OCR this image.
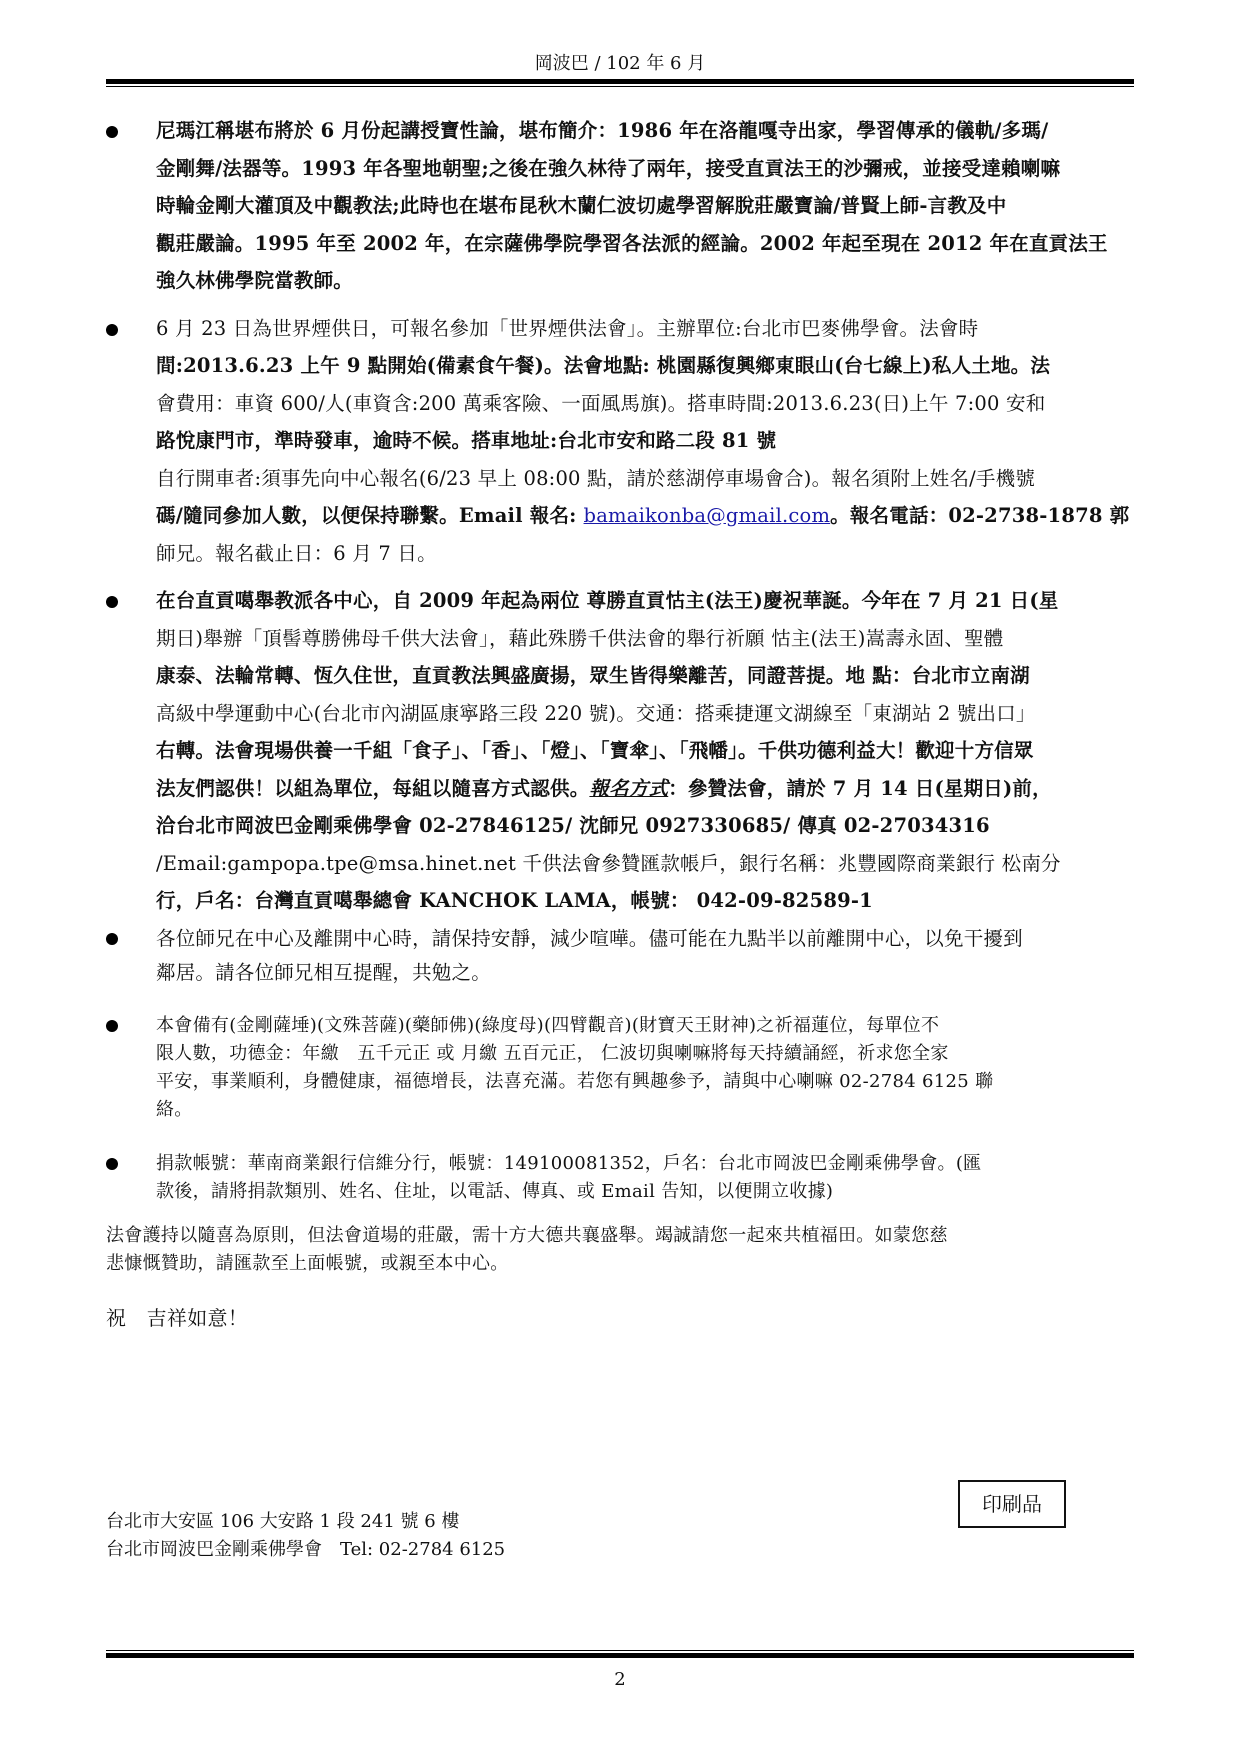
岡波巴 / 102 年 6 月
尼瑪江稱堪布將於 6 月份起講授寶性論，堪布簡介：1986 年在洛龍嘎寺出家，學習傳承的儀軌/多瑪/
金剛舞/法器等。1993 年各聖地朝聖;之後在強久林待了兩年，接受直貢法王的沙彌戒，並接受達賴喇嘛
時輪金剛大灌頂及中觀教法;此時也在堪布昆秋木蘭仁波切處學習解脫莊嚴寶論/普賢上師-言教及中
觀莊嚴論。1995 年至 2002 年，在宗薩佛學院學習各法派的經論。2002 年起至現在 2012 年在直貢法王
強久林佛學院當教師。
6 月 23 日為世界煙供日，可報名參加「世界煙供法會」。主辦單位:台北市巴麥佛學會。法會時
間:2013.6.23 上午 9 點開始(備素食午餐)。法會地點: 桃園縣復興鄉東眼山(台七線上)私人土地。法
會費用：車資 600/人(車資含:200 萬乘客險、一面風馬旗)。搭車時間:2013.6.23(日)上午 7:00 安和
路悅康門市，準時發車，逾時不候。搭車地址:台北市安和路二段 81 號
自行開車者:須事先向中心報名(6/23 早上 08:00 點，請於慈湖停車場會合)。報名須附上姓名/手機號
碼/隨同參加人數，以便保持聯繫。Email 報名: bamaikonba@gmail.com。報名電話：02-2738-1878 郭
師兄。報名截止日：6 月 7 日。
在台直貢噶舉教派各中心，自 2009 年起為兩位 尊勝直貢怙主(法王)慶祝華誕。今年在 7 月 21 日(星
期日)舉辦「頂髻尊勝佛母千供大法會」，藉此殊勝千供法會的舉行祈願 怙主(法王)嵩壽永固、聖體
康泰、法輪常轉、恆久住世，直貢教法興盛廣揚，眾生皆得樂離苦，同證菩提。地 點：台北市立南湖
高級中學運動中心(台北市內湖區康寧路三段 220 號)。交通：搭乘捷運文湖線至「東湖站 2 號出口」
右轉。法會現場供養一千組「食子」、「香」、「燈」、「寶傘」、「飛幡」。千供功德利益大！歡迎十方信眾
法友們認供！以組為單位，每組以隨喜方式認供。報名方式：參贊法會，請於 7 月 14 日(星期日)前，
洽台北市岡波巴金剛乘佛學會 02-27846125/ 沈師兄 0927330685/ 傳真 02-27034316
/Email:gampopa.tpe@msa.hinet.net 千供法會參贊匯款帳戶，銀行名稱：兆豐國際商業銀行 松南分
行，戶名：台灣直貢噶舉總會 KANCHOK LAMA，帳號： 042-09-82589-1
各位師兄在中心及離開中心時，請保持安靜，減少喧嘩。儘可能在九點半以前離開中心，以免干擾到
鄰居。請各位師兄相互提醒，共勉之。
本會備有(金剛薩埵)(文殊菩薩)(藥師佛)(綠度母)(四臂觀音)(財寶天王財神)之祈福蓮位，每單位不
限人數，功德金：年繳　五千元正 或 月繳 五百元正， 仁波切與喇嘛將每天持續誦經，祈求您全家
平安，事業順利，身體健康，福德增長，法喜充滿。若您有興趣參予，請與中心喇嘛 02-2784 6125 聯
絡。
捐款帳號：華南商業銀行信維分行，帳號：149100081352，戶名：台北市岡波巴金剛乘佛學會。(匯
款後，請將捐款類別、姓名、住址，以電話、傳真、或 Email 告知，以便開立收據)
法會護持以隨喜為原則，但法會道場的莊嚴，需十方大德共襄盛舉。竭誠請您一起來共植福田。如蒙您慈
悲慷慨贊助，請匯款至上面帳號，或親至本中心。
祝　吉祥如意！
台北市大安區 106 大安路 1 段 241 號 6 樓
台北市岡波巴金剛乘佛學會　Tel: 02-2784 6125
印刷品
2
